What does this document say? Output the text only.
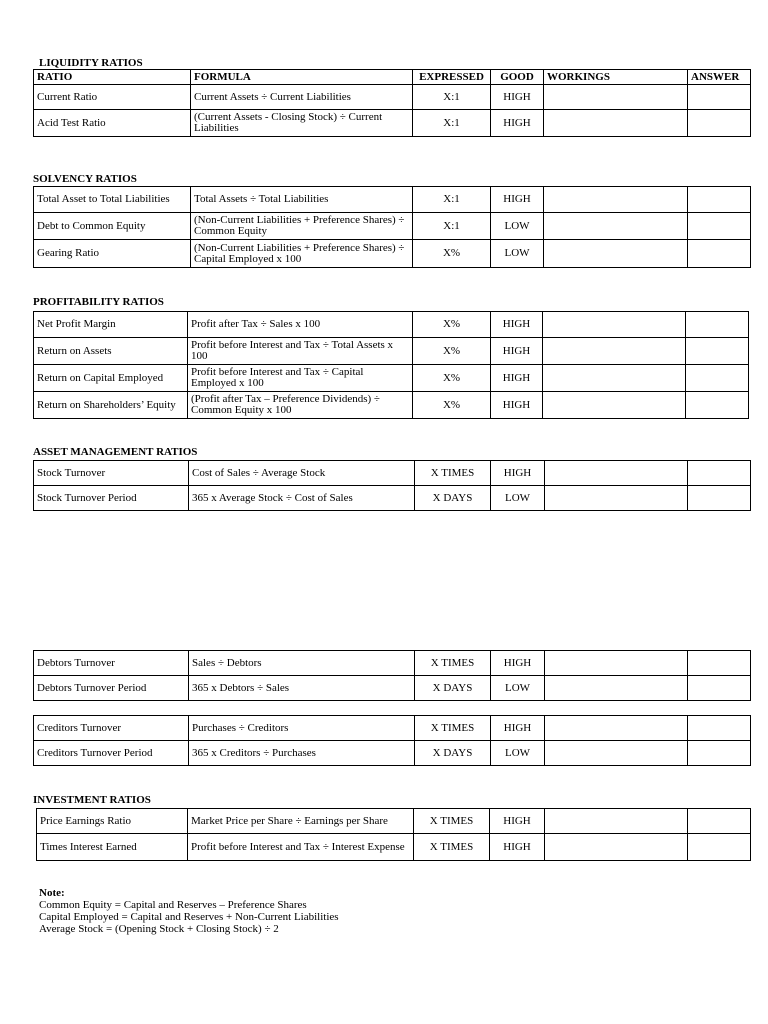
LIQUIDITY RATIOS
RATIO	FORMULA	EXPRESSED	GOOD	WORKINGS	ANSWER
Current Ratio	Current Assets ÷ Current Liabilities	X:1	HIGH		
Acid Test Ratio	(Current Assets - Closing Stock) ÷ Current Liabilities	X:1	HIGH		
SOLVENCY RATIOS
Total Asset to Total Liabilities	Total Assets ÷ Total Liabilities	X:1	HIGH		
Debt to Common Equity	(Non-Current Liabilities + Preference Shares) ÷ Common Equity	X:1	LOW		
Gearing Ratio	(Non-Current Liabilities + Preference Shares) ÷ Capital Employed x 100	X%	LOW		
PROFITABILITY RATIOS
Net Profit Margin	Profit after Tax ÷ Sales x 100	X%	HIGH		
Return on Assets	Profit before Interest and Tax ÷ Total Assets x 100	X%	HIGH		
Return on Capital Employed	Profit before Interest and Tax ÷ Capital Employed x 100	X%	HIGH		
Return on Shareholders’ Equity	(Profit after Tax – Preference Dividends) ÷ Common Equity x 100	X%	HIGH		
ASSET MANAGEMENT RATIOS
Stock Turnover	Cost of Sales ÷ Average Stock	X TIMES	HIGH		
Stock Turnover Period	365 x Average Stock ÷ Cost of Sales	X DAYS	LOW		
Debtors Turnover	Sales ÷ Debtors	X TIMES	HIGH		
Debtors Turnover Period	365 x Debtors ÷ Sales	X DAYS	LOW		
Creditors Turnover	Purchases ÷ Creditors	X TIMES	HIGH		
Creditors Turnover Period	365 x Creditors ÷ Purchases	X DAYS	LOW		
INVESTMENT RATIOS
Price Earnings Ratio	Market Price per Share ÷ Earnings per Share	X TIMES	HIGH		
Times Interest Earned	Profit before Interest and Tax ÷ Interest Expense	X TIMES	HIGH		
Note:
Common Equity = Capital and Reserves – Preference Shares
Capital Employed = Capital and Reserves + Non-Current Liabilities
Average Stock = (Opening Stock + Closing Stock) ÷ 2
